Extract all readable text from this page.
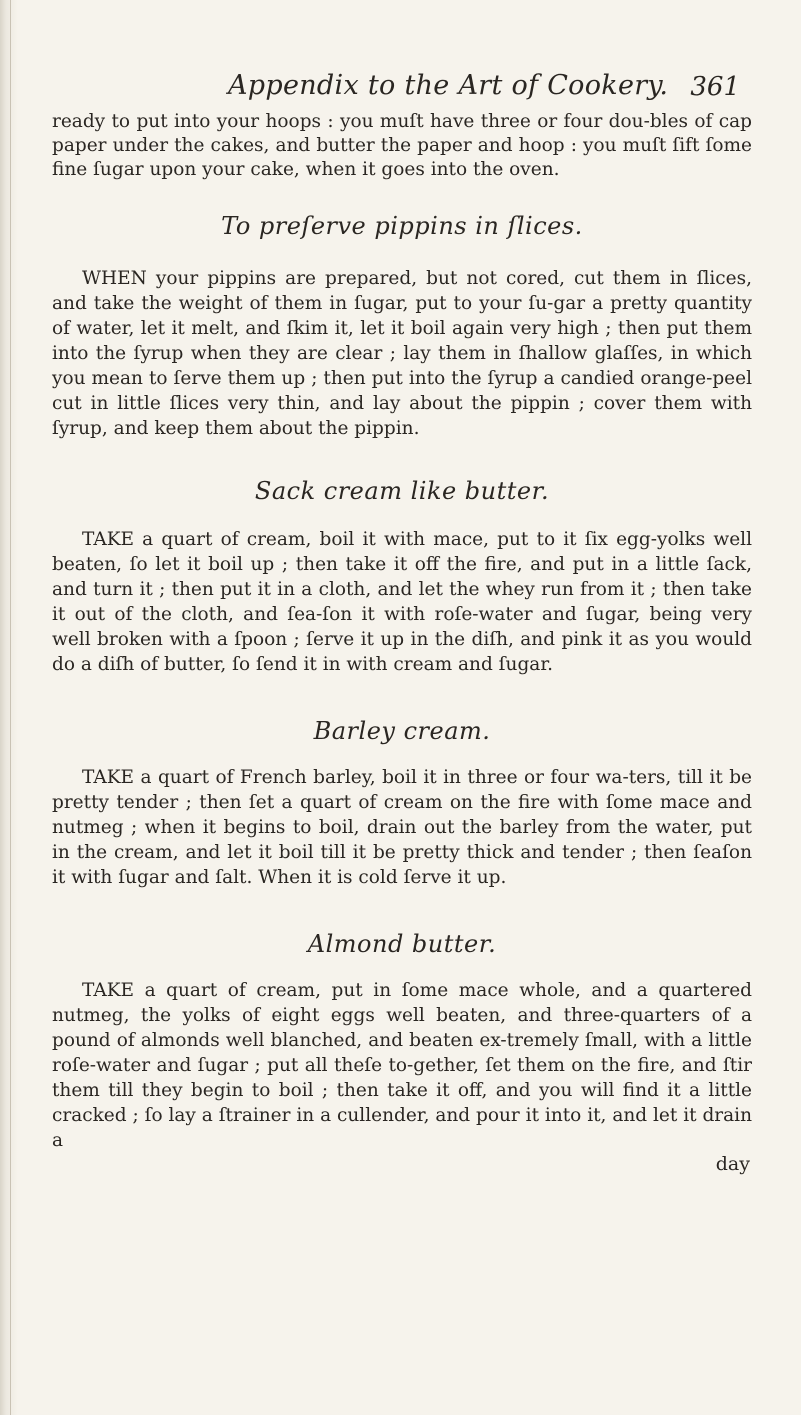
Appendix to the Art of Cookery. 361

ready to put into your hoops : you muſt have three or four dou-bles of cap paper under the cakes, and butter the paper and hoop : you muſt ſift ſome fine ſugar upon your cake, when it goes into the oven.

To preſerve pippins in ſlices.

WHEN your pippins are prepared, but not cored, cut them in ſlices, and take the weight of them in ſugar, put to your ſu-gar a pretty quantity of water, let it melt, and ſkim it, let it boil again very high ; then put them into the ſyrup when they are clear ; lay them in ſhallow glaſſes, in which you mean to ſerve them up ; then put into the ſyrup a candied orange-peel cut in little ſlices very thin, and lay about the pippin ; cover them with ſyrup, and keep them about the pippin.

Sack cream like butter.

TAKE a quart of cream, boil it with mace, put to it ſix egg-yolks well beaten, ſo let it boil up ; then take it off the fire, and put in a little ſack, and turn it ; then put it in a cloth, and let the whey run from it ; then take it out of the cloth, and ſea-ſon it with roſe-water and ſugar, being very well broken with a ſpoon ; ſerve it up in the diſh, and pink it as you would do a diſh of butter, ſo ſend it in with cream and ſugar.

Barley cream.

TAKE a quart of French barley, boil it in three or four wa-ters, till it be pretty tender ; then ſet a quart of cream on the fire with ſome mace and nutmeg ; when it begins to boil, drain out the barley from the water, put in the cream, and let it boil till it be pretty thick and tender ; then ſeaſon it with ſugar and ſalt. When it is cold ſerve it up.

Almond butter.

TAKE a quart of cream, put in ſome mace whole, and a quartered nutmeg, the yolks of eight eggs well beaten, and three-quarters of a pound of almonds well blanched, and beaten ex-tremely ſmall, with a little roſe-water and ſugar ; put all theſe to-gether, ſet them on the fire, and ſtir them till they begin to boil ; then take it off, and you will find it a little cracked ; ſo lay a ſtrainer in a cullender, and pour it into it, and let it drain a

day
